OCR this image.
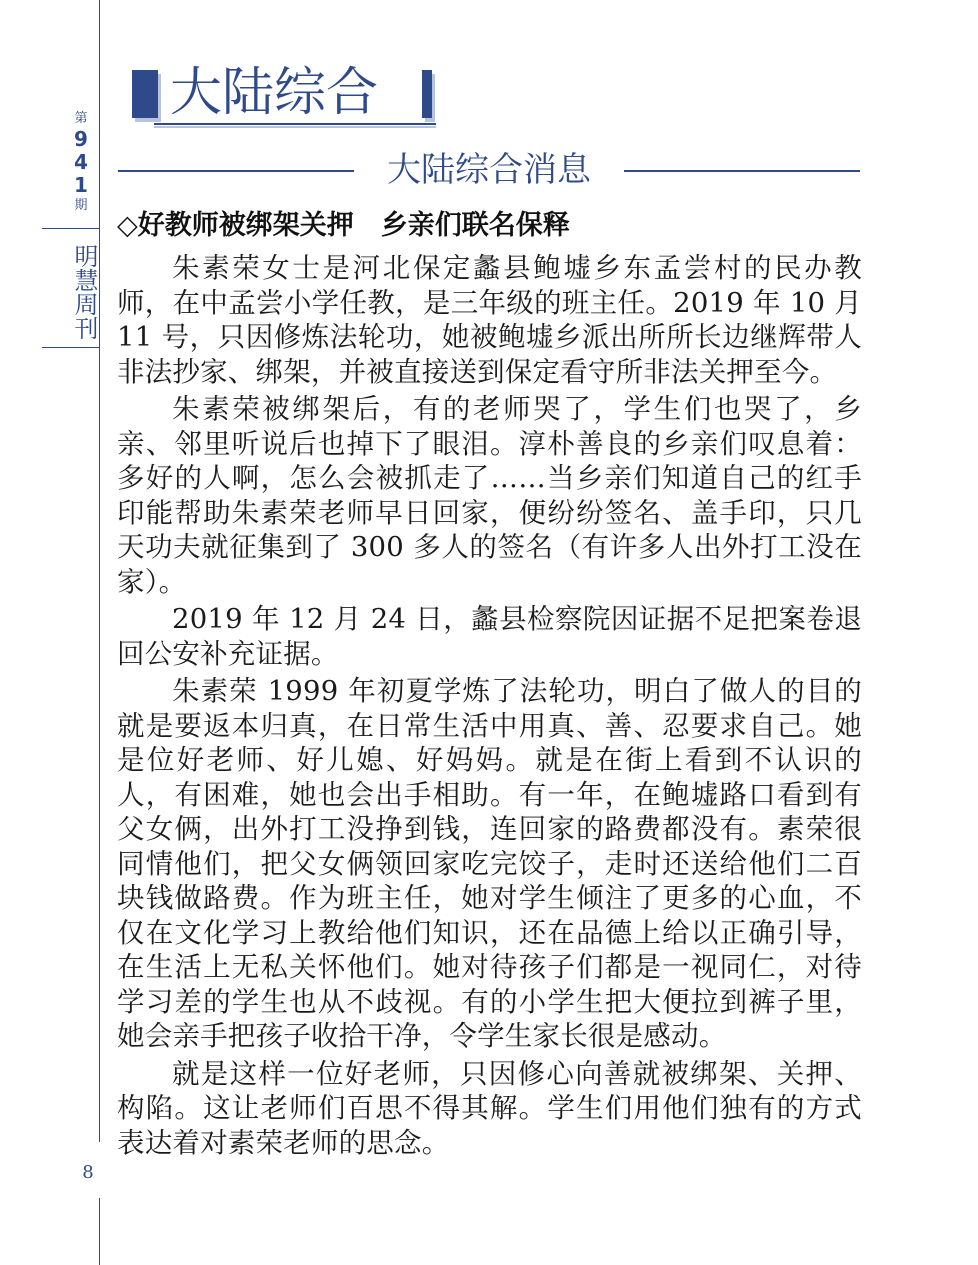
第
9
4
1
期
明慧周刊
8
大陆综合
大陆综合消息
◇好教师被绑架关押　乡亲们联名保释

朱素荣女士是河北保定蠡县鲍墟乡东孟尝村的民办教师，在中孟尝小学任教，是三年级的班主任。2019 年 10 月 11 号，只因修炼法轮功，她被鲍墟乡派出所所长边继辉带人非法抄家、绑架，并被直接送到保定看守所非法关押至今。

朱素荣被绑架后，有的老师哭了，学生们也哭了，乡亲、邻里听说后也掉下了眼泪。淳朴善良的乡亲们叹息着：多好的人啊，怎么会被抓走了……当乡亲们知道自己的红手印能帮助朱素荣老师早日回家，便纷纷签名、盖手印，只几天功夫就征集到了 300 多人的签名（有许多人出外打工没在家）。

2019 年 12 月 24 日，蠡县检察院因证据不足把案卷退回公安补充证据。

朱素荣 1999 年初夏学炼了法轮功，明白了做人的目的就是要返本归真，在日常生活中用真、善、忍要求自己。她是位好老师、好儿媳、好妈妈。就是在街上看到不认识的人，有困难，她也会出手相助。有一年，在鲍墟路口看到有父女俩，出外打工没挣到钱，连回家的路费都没有。素荣很同情他们，把父女俩领回家吃完饺子，走时还送给他们二百块钱做路费。作为班主任，她对学生倾注了更多的心血，不仅在文化学习上教给他们知识，还在品德上给以正确引导，在生活上无私关怀他们。她对待孩子们都是一视同仁，对待学习差的学生也从不歧视。有的小学生把大便拉到裤子里，她会亲手把孩子收拾干净，令学生家长很是感动。

就是这样一位好老师，只因修心向善就被绑架、关押、构陷。这让老师们百思不得其解。学生们用他们独有的方式表达着对素荣老师的思念。
